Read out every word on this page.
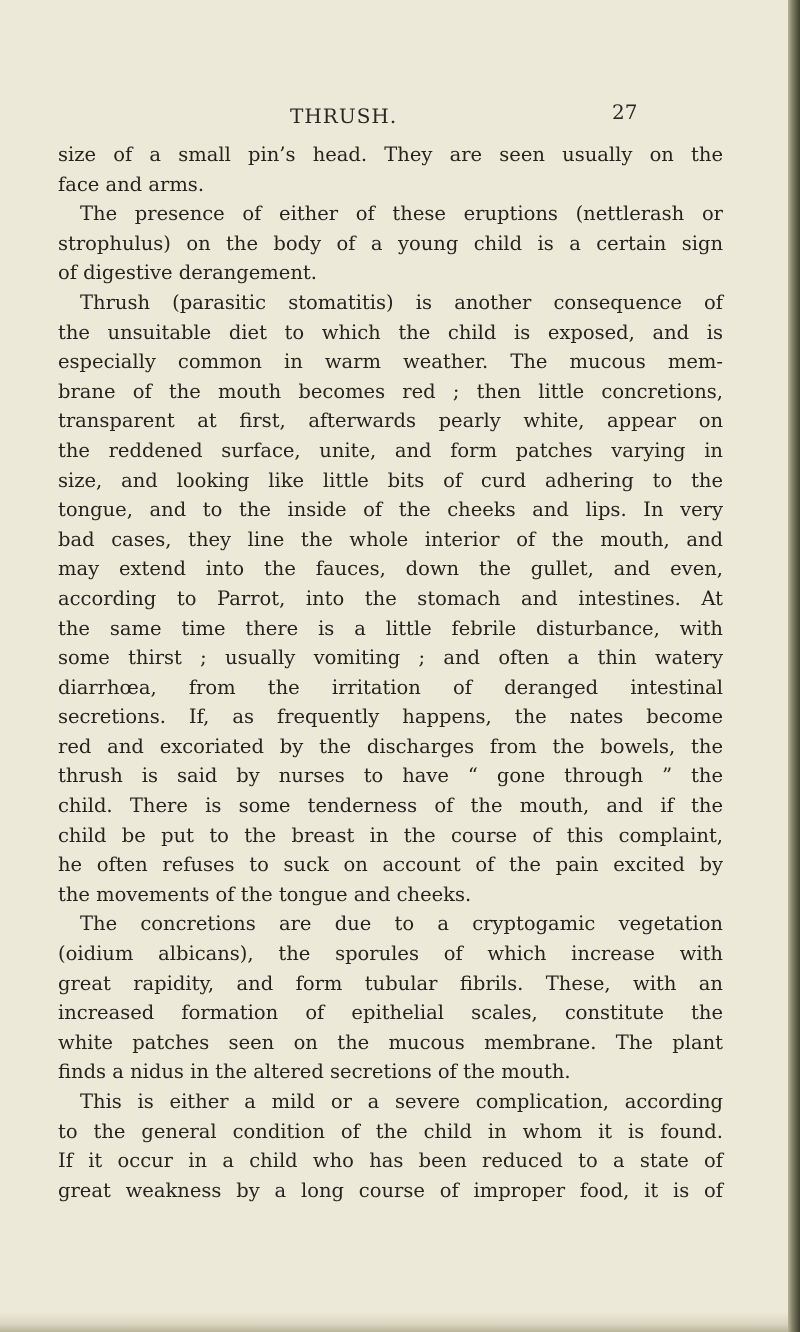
THRUSH.	27
size of a small pin’s head. They are seen usually on the
face and arms.
The presence of either of these eruptions (nettlerash or
strophulus) on the body of a young child is a certain sign
of digestive derangement.
Thrush (parasitic stomatitis) is another consequence of
the unsuitable diet to which the child is exposed, and is
especially common in warm weather. The mucous mem-
brane of the mouth becomes red ; then little concretions,
transparent at first, afterwards pearly white, appear on
the reddened surface, unite, and form patches varying in
size, and looking like little bits of curd adhering to the
tongue, and to the inside of the cheeks and lips. In very
bad cases, they line the whole interior of the mouth, and
may extend into the fauces, down the gullet, and even,
according to Parrot, into the stomach and intestines. At
the same time there is a little febrile disturbance, with
some thirst ; usually vomiting ; and often a thin watery
diarrhœa, from the irritation of deranged intestinal
secretions. If, as frequently happens, the nates become
red and excoriated by the discharges from the bowels, the
thrush is said by nurses to have “ gone through ” the
child. There is some tenderness of the mouth, and if the
child be put to the breast in the course of this complaint,
he often refuses to suck on account of the pain excited by
the movements of the tongue and cheeks.
The concretions are due to a cryptogamic vegetation
(oidium albicans), the sporules of which increase with
great rapidity, and form tubular fibrils. These, with an
increased formation of epithelial scales, constitute the
white patches seen on the mucous membrane. The plant
finds a nidus in the altered secretions of the mouth.
This is either a mild or a severe complication, according
to the general condition of the child in whom it is found.
If it occur in a child who has been reduced to a state of
great weakness by a long course of improper food, it is of
